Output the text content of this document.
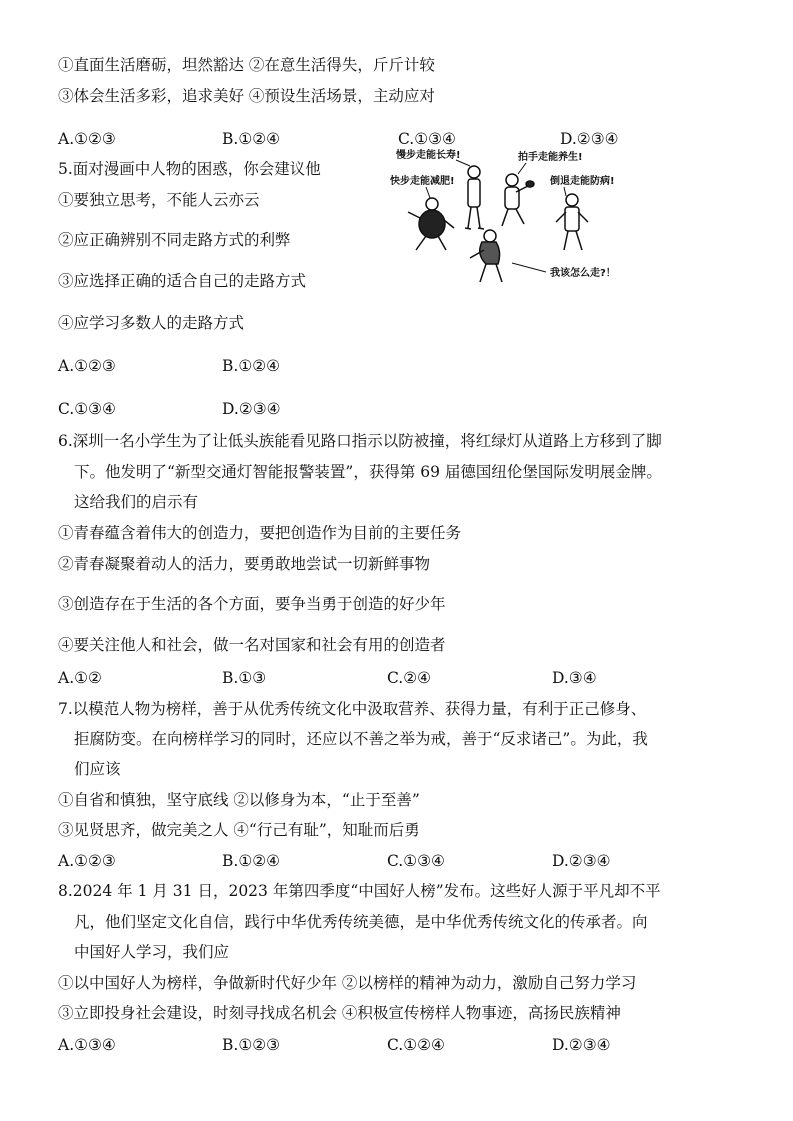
①直面生活磨砺，坦然豁达 ②在意生活得失，斤斤计较
③体会生活多彩，追求美好 ④预设生活场景，主动应对
A.①②③	B.①②④	C.①③④	D.②③④
5.面对漫画中人物的困惑，你会建议他
①要独立思考，不能人云亦云
②应正确辨别不同走路方式的利弊
③应选择正确的适合自己的走路方式
④应学习多数人的走路方式
A.①②③	B.①②④
C.①③④	D.②③④
慢步走能长寿!	拍手走能养生!
快步走能减肥!	倒退走能防病!
我该怎么走?！
6.深圳一名小学生为了让低头族能看见路口指示以防被撞，将红绿灯从道路上方移到了脚
下。他发明了“新型交通灯智能报警装置”，获得第 69 届德国纽伦堡国际发明展金牌。
这给我们的启示有
①青春蕴含着伟大的创造力，要把创造作为目前的主要任务
②青春凝聚着动人的活力，要勇敢地尝试一切新鲜事物
③创造存在于生活的各个方面，要争当勇于创造的好少年
④要关注他人和社会，做一名对国家和社会有用的创造者
A.①②	B.①③	C.②④	D.③④
7.以模范人物为榜样，善于从优秀传统文化中汲取营养、获得力量，有利于正己修身、
拒腐防变。在向榜样学习的同时，还应以不善之举为戒，善于“反求诸己”。为此，我
们应该
①自省和慎独，坚守底线 ②以修身为本，“止于至善”
③见贤思齐，做完美之人 ④“行己有耻”，知耻而后勇
A.①②③	B.①②④	C.①③④	D.②③④
8.2024 年 1 月 31 日，2023 年第四季度“中国好人榜”发布。这些好人源于平凡却不平
凡，他们坚定文化自信，践行中华优秀传统美德，是中华优秀传统文化的传承者。向
中国好人学习，我们应
①以中国好人为榜样，争做新时代好少年 ②以榜样的精神为动力，激励自己努力学习
③立即投身社会建设，时刻寻找成名机会 ④积极宣传榜样人物事迹，高扬民族精神
A.①③④	B.①②③	C.①②④	D.②③④
